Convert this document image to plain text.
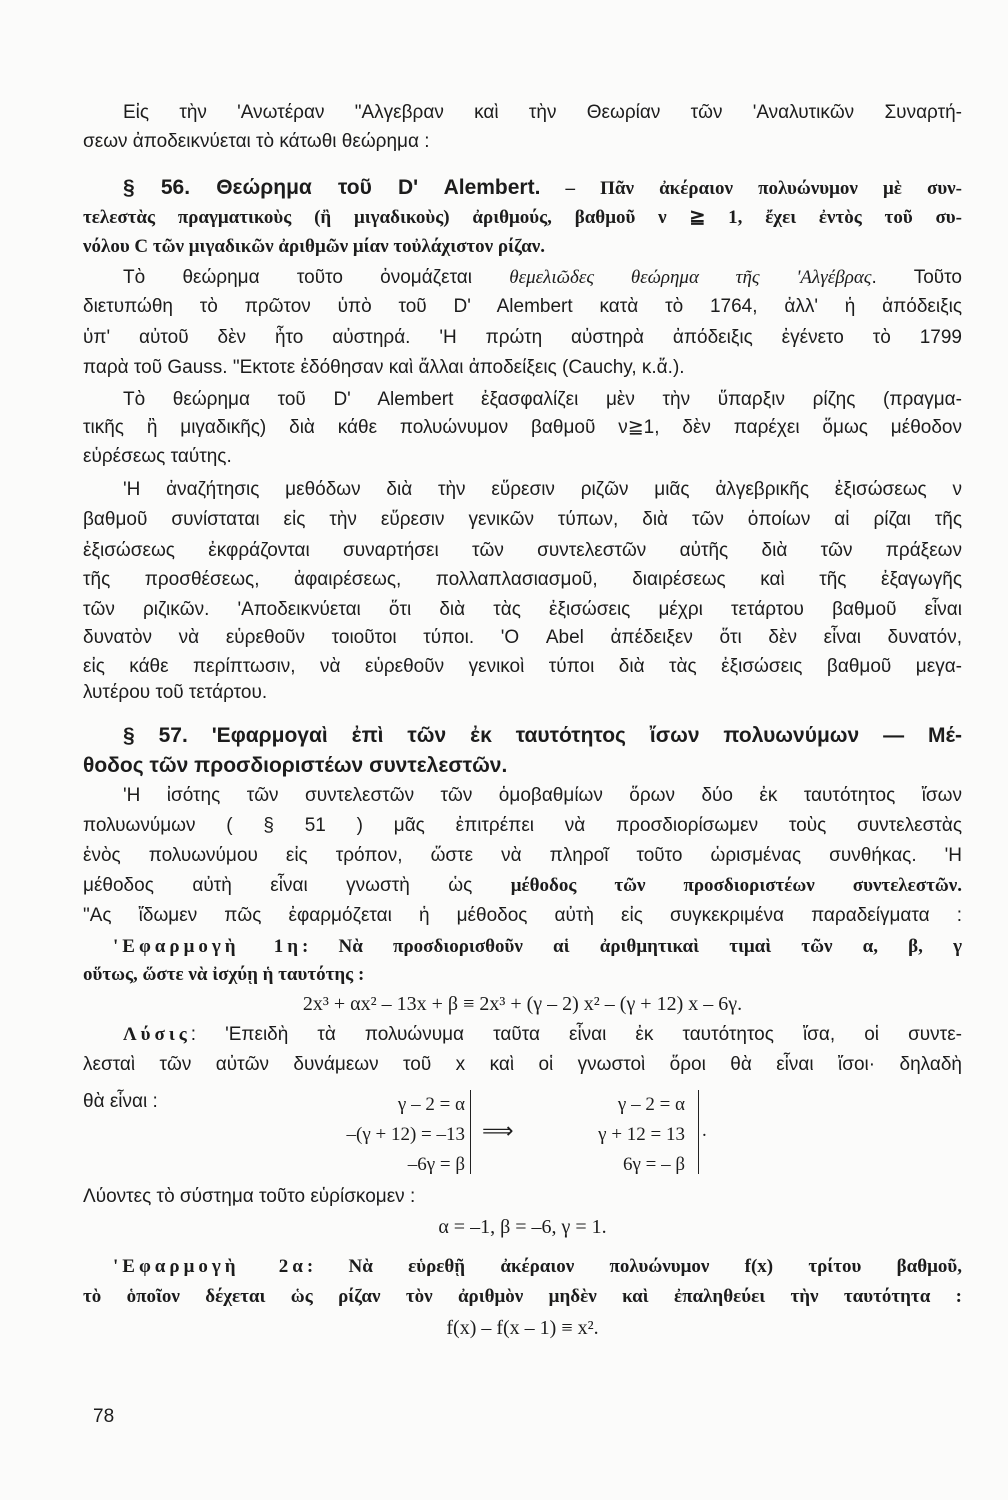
γ – 2 = α
–(γ + 12) = –13
–6γ = β
⟹
γ – 2 = α
γ + 12 = 13
6γ = – β
.
78
Εἰς τὴν 'Ανωτέραν "Αλγεβραν καὶ τὴν Θεωρίαν τῶν 'Αναλυτικῶν Συναρτή-
σεων ἀποδεικνύεται τὸ κάτωθι θεώρημα :
§ 56. Θεώρημα τοῦ D' Alembert. – Πᾶν ἀκέραιον πολυώνυμον μὲ συν-
τελεστὰς πραγματικοὺς (ἢ μιγαδικοὺς) ἀριθμούς, βαθμοῦ ν ≧ 1, ἔχει ἐντὸς τοῦ συ-
νόλου C τῶν μιγαδικῶν ἀριθμῶν μίαν τοὐλάχιστον ρίζαν.
Τὸ θεώρημα τοῦτο ὀνομάζεται θεμελιῶδες θεώρημα τῆς 'Αλγέβρας. Τοῦτο
διετυπώθη τὸ πρῶτον ὑπὸ τοῦ D' Alembert κατὰ τὸ 1764, ἀλλ' ἡ ἀπόδειξις
ὑπ' αὐτοῦ δὲν ἦτο αὐστηρά. 'Η πρώτη αὐστηρὰ ἀπόδειξις ἐγένετο τὸ 1799
παρὰ τοῦ Gauss. "Εκτοτε ἐδόθησαν καὶ ἄλλαι ἀποδείξεις (Cauchy, κ.ἄ.).
Τὸ θεώρημα τοῦ D' Alembert ἐξασφαλίζει μὲν τὴν ὕπαρξιν ρίζης (πραγμα-
τικῆς ἢ μιγαδικῆς) διὰ κάθε πολυώνυμον βαθμοῦ ν≧1, δὲν παρέχει ὅμως μέθοδον
εὑρέσεως ταύτης.
'Η ἀναζήτησις μεθόδων διὰ τὴν εὕρεσιν ριζῶν μιᾶς ἀλγεβρικῆς ἐξισώσεως ν
βαθμοῦ συνίσταται εἰς τὴν εὕρεσιν γενικῶν τύπων, διὰ τῶν ὁποίων αἱ ρίζαι τῆς
ἐξισώσεως ἐκφράζονται συναρτήσει τῶν συντελεστῶν αὐτῆς διὰ τῶν πράξεων
τῆς προσθέσεως, ἀφαιρέσεως, πολλαπλασιασμοῦ, διαιρέσεως καὶ τῆς ἐξαγωγῆς
τῶν ριζικῶν. 'Αποδεικνύεται ὅτι διὰ τὰς ἐξισώσεις μέχρι τετάρτου βαθμοῦ εἶναι
δυνατὸν νὰ εὑρεθοῦν τοιοῦτοι τύποι. 'Ο Abel ἀπέδειξεν ὅτι δὲν εἶναι δυνατόν,
εἰς κάθε περίπτωσιν, νὰ εὑρεθοῦν γενικοὶ τύποι διὰ τὰς ἐξισώσεις βαθμοῦ μεγα-
λυτέρου τοῦ τετάρτου.
§ 57. 'Εφαρμογαὶ ἐπὶ τῶν ἐκ ταυτότητος ἴσων πολυωνύμων — Μέ-
θοδος τῶν προσδιοριστέων συντελεστῶν.
'Η ἰσότης τῶν συντελεστῶν τῶν ὁμοβαθμίων ὅρων δύο ἐκ ταυτότητος ἴσων
πολυωνύμων ( § 51 ) μᾶς ἐπιτρέπει νὰ προσδιορίσωμεν τοὺς συντελεστὰς
ἑνὸς πολυωνύμου εἰς τρόπον, ὥστε νὰ πληροῖ τοῦτο ὡρισμένας συνθήκας. 'Η
μέθοδος αὐτὴ εἶναι γνωστὴ ὡς μέθοδος τῶν προσδιοριστέων συντελεστῶν.
"Ας ἴδωμεν πῶς ἐφαρμόζεται ἡ μέθοδος αὐτὴ εἰς συγκεκριμένα παραδείγματα :
'Εφαρμογὴ 1η: Νὰ προσδιορισθοῦν αἱ ἀριθμητικαὶ τιμαὶ τῶν α, β, γ
οὕτως, ὥστε νὰ ἰσχύῃ ἡ ταυτότης :
2x³ + αx² – 13x + β ≡ 2x³ + (γ – 2) x² – (γ + 12) x – 6γ.
Λύσις: 'Επειδὴ τὰ πολυώνυμα ταῦτα εἶναι ἐκ ταυτότητος ἴσα, οἱ συντε-
λεσταὶ τῶν αὐτῶν δυνάμεων τοῦ x καὶ οἱ γνωστοὶ ὅροι θὰ εἶναι ἴσοι· δηλαδὴ
θὰ εἶναι :
Λύοντες τὸ σύστημα τοῦτο εὑρίσκομεν :
α = –1, β = –6, γ = 1.
'Εφαρμογὴ 2α: Νὰ εὑρεθῇ ἀκέραιον πολυώνυμον f(x) τρίτου βαθμοῦ,
τὸ ὁποῖον δέχεται ὡς ρίζαν τὸν ἀριθμὸν μηδὲν καὶ ἐπαληθεύει τὴν ταυτότητα :
f(x) – f(x – 1) ≡ x².
